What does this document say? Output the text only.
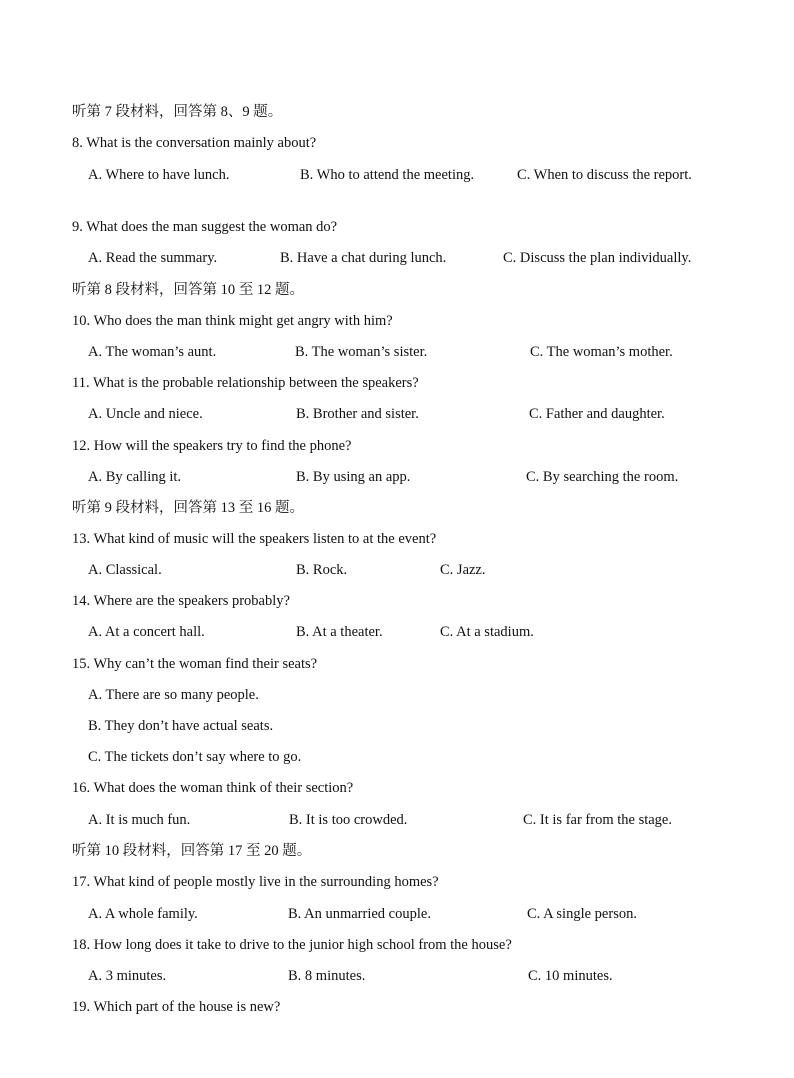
听第 7 段材料，回答第 8、9 题。
8. What is the conversation mainly about?
A. Where to have lunch.	B. Who to attend the meeting.	C. When to discuss the report.
9. What does the man suggest the woman do?
A. Read the summary.	B. Have a chat during lunch.	C. Discuss the plan individually.
听第 8 段材料，回答第 10 至 12 题。
10. Who does the man think might get angry with him?
A. The woman’s aunt.	B. The woman’s sister.	C. The woman’s mother.
11. What is the probable relationship between the speakers?
A. Uncle and niece.	B. Brother and sister.	C. Father and daughter.
12. How will the speakers try to find the phone?
A. By calling it.	B. By using an app.	C. By searching the room.
听第 9 段材料，回答第 13 至 16 题。
13. What kind of music will the speakers listen to at the event?
A. Classical.	B. Rock.	C. Jazz.
14. Where are the speakers probably?
A. At a concert hall.	B. At a theater.	C. At a stadium.
15. Why can’t the woman find their seats?
A. There are so many people.
B. They don’t have actual seats.
C. The tickets don’t say where to go.
16. What does the woman think of their section?
A. It is much fun.	B. It is too crowded.	C. It is far from the stage.
听第 10 段材料，回答第 17 至 20 题。
17. What kind of people mostly live in the surrounding homes?
A. A whole family.	B. An unmarried couple.	C. A single person.
18. How long does it take to drive to the junior high school from the house?
A. 3 minutes.	B. 8 minutes.	C. 10 minutes.
19. Which part of the house is new?
